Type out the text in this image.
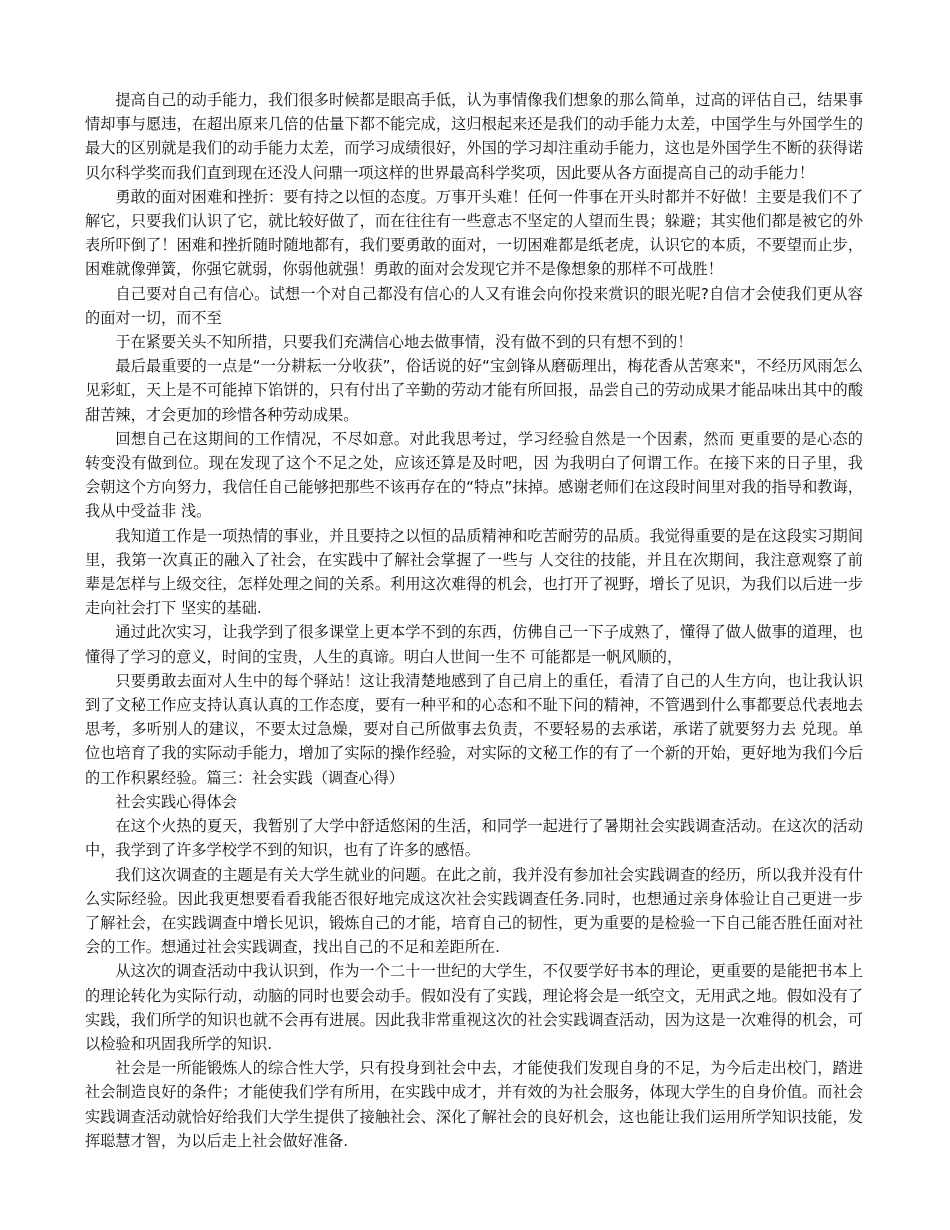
提高自己的动手能力，我们很多时候都是眼高手低，认为事情像我们想象的那么简单，过高的评估自己，结果事情却事与愿违，在超出原来几倍的估量下都不能完成，这归根起来还是我们的动手能力太差，中国学生与外国学生的最大的区别就是我们的动手能力太差，而学习成绩很好，外国的学习却注重动手能力，这也是外国学生不断的获得诺贝尔科学奖而我们直到现在还没人问鼎一项这样的世界最高科学奖项，因此要从各方面提高自己的动手能力！

勇敢的面对困难和挫折：要有持之以恒的态度。万事开头难！任何一件事在开头时都并不好做！主要是我们不了解它，只要我们认识了它，就比较好做了，而在往往有一些意志不坚定的人望而生畏；躲避；其实他们都是被它的外表所吓倒了！困难和挫折随时随地都有，我们要勇敢的面对，一切困难都是纸老虎，认识它的本质，不要望而止步，困难就像弹簧，你强它就弱，你弱他就强！勇敢的面对会发现它并不是像想象的那样不可战胜！

自己要对自己有信心。试想一个对自己都没有信心的人又有谁会向你投来赏识的眼光呢?自信才会使我们更从容的面对一切，而不至

于在紧要关头不知所措，只要我们充满信心地去做事情，没有做不到的只有想不到的！

最后最重要的一点是“一分耕耘一分收获”，俗话说的好“宝剑锋从磨砺理出，梅花香从苦寒来"，不经历风雨怎么见彩虹，天上是不可能掉下馅饼的，只有付出了辛勤的劳动才能有所回报，品尝自己的劳动成果才能品味出其中的酸甜苦辣，才会更加的珍惜各种劳动成果。

回想自己在这期间的工作情况，不尽如意。对此我思考过，学习经验自然是一个因素，然而 更重要的是心态的转变没有做到位。现在发现了这个不足之处，应该还算是及时吧，因 为我明白了何谓工作。在接下来的日子里，我会朝这个方向努力，我信任自己能够把那些不该再存在的“特点”抹掉。感谢老师们在这段时间里对我的指导和教诲，我从中受益非 浅。

我知道工作是一项热情的事业，并且要持之以恒的品质精神和吃苦耐劳的品质。我觉得重要的是在这段实习期间里，我第一次真正的融入了社会，在实践中了解社会掌握了一些与 人交往的技能，并且在次期间，我注意观察了前辈是怎样与上级交往，怎样处理之间的关系。利用这次难得的机会，也打开了视野，增长了见识，为我们以后进一步走向社会打下 坚实的基础.

通过此次实习，让我学到了很多课堂上更本学不到的东西，仿佛自己一下子成熟了，懂得了做人做事的道理，也懂得了学习的意义，时间的宝贵，人生的真谛。明白人世间一生不 可能都是一帆风顺的，

只要勇敢去面对人生中的每个驿站！这让我清楚地感到了自己肩上的重任，看清了自己的人生方向，也让我认识到了文秘工作应支持认真认真的工作态度，要有一种平和的心态和不耻下问的精神，不管遇到什么事都要总代表地去思考，多听别人的建议，不要太过急燥，要对自己所做事去负责，不要轻易的去承诺，承诺了就要努力去 兑现。单位也培育了我的实际动手能力，增加了实际的操作经验，对实际的文秘工作的有了一个新的开始，更好地为我们今后的工作积累经验。篇三：社会实践（调查心得）

社会实践心得体会

在这个火热的夏天，我暂别了大学中舒适悠闲的生活，和同学一起进行了暑期社会实践调查活动。在这次的活动中，我学到了许多学校学不到的知识，也有了许多的感悟。

我们这次调查的主题是有关大学生就业的问题。在此之前，我并没有参加社会实践调查的经历，所以我并没有什么实际经验。因此我更想要看看我能否很好地完成这次社会实践调查任务.同时，也想通过亲身体验让自己更进一步了解社会，在实践调查中增长见识，锻炼自己的才能，培育自己的韧性，更为重要的是检验一下自己能否胜任面对社会的工作。想通过社会实践调查，找出自己的不足和差距所在.

从这次的调查活动中我认识到，作为一个二十一世纪的大学生，不仅要学好书本的理论，更重要的是能把书本上的理论转化为实际行动，动脑的同时也要会动手。假如没有了实践，理论将会是一纸空文，无用武之地。假如没有了实践，我们所学的知识也就不会再有进展。因此我非常重视这次的社会实践调查活动，因为这是一次难得的机会，可以检验和巩固我所学的知识.

社会是一所能锻炼人的综合性大学，只有投身到社会中去，才能使我们发现自身的不足，为今后走出校门，踏进社会制造良好的条件；才能使我们学有所用，在实践中成才，并有效的为社会服务，体现大学生的自身价值。而社会实践调查活动就恰好给我们大学生提供了接触社会、深化了解社会的良好机会，这也能让我们运用所学知识技能，发挥聪慧才智，为以后走上社会做好准备.
